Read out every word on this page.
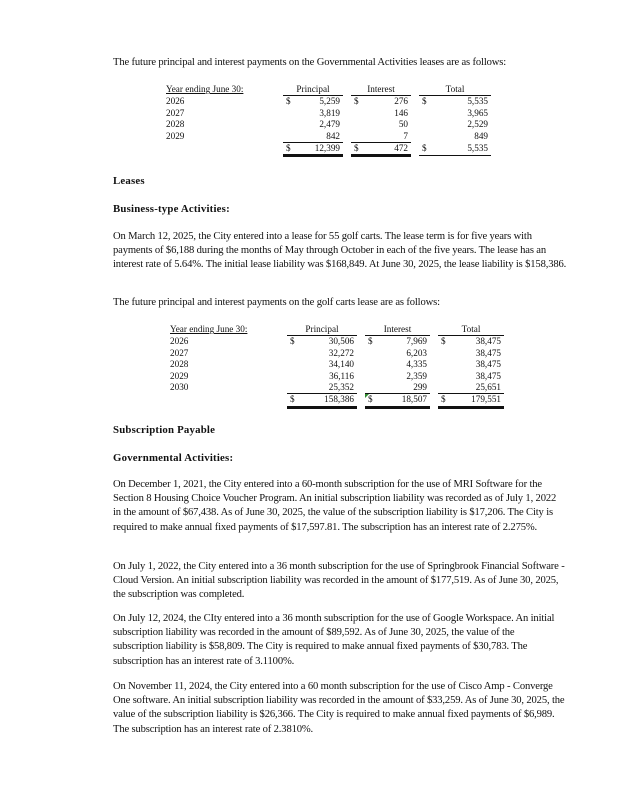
The future principal and interest payments on the Governmental Activities leases are as follows:
Year ending June 30:	Principal		Interest		Total
2026	$ 5,259		$ 276		$ 5,535

2027	3,819		146		3,965
2028	2,479		50		2,529
2029	842		7		849

	$ 12,399		$ 472		$ 5,535
Leases
Business-type Activities:
On March 12, 2025, the City entered into a lease for 55 golf carts. The lease term is for five years with payments of $6,188 during the months of May through October in each of the five years. The lease has an interest rate of 5.64%. The initial lease liability was $168,849. At June 30, 2025, the lease liability is $158,386.
The future principal and interest payments on the golf carts lease are as follows:
Year ending June 30:	Principal		Interest		Total
2026	$ 30,506		$ 7,969		$ 38,475

2027	32,272		6,203		38,475
2028	34,140		4,335		38,475
2029	36,116		2,359		38,475
2030	25,352		299		25,651

	$ 158,386		$ 18,507		$ 179,551
Subscription Payable
Governmental Activities:
On December 1, 2021, the City entered into a 60-month subscription for the use of MRI Software for the Section 8 Housing Choice Voucher Program. An initial subscription liability was recorded as of July 1, 2022 in the amount of $67,438. As of June 30, 2025, the value of the subscription liability is $17,206. The City is required to make annual fixed payments of $17,597.81. The subscription has an interest rate of 2.275%.
On July 1, 2022, the City entered into a 36 month subscription for the use of Springbrook Financial Software - Cloud Version. An initial subscription liability was recorded in the amount of $177,519. As of June 30, 2025, the subscription was completed.
On July 12, 2024, the CIty entered into a 36 month subscription for the use of Google Workspace. An initial subscription liability was recorded in the amount of $89,592. As of June 30, 2025, the value of the subscription liability is $58,809. The City is required to make annual fixed payments of $30,783. The subscription has an interest rate of 3.1100%.
On November 11, 2024, the City entered into a 60 month subscription for the use of Cisco Amp - Converge One software. An initial subscription liability was recorded in the amount of $33,259. As of June 30, 2025, the value of the subscription liability is $26,366. The City is required to make annual fixed payments of $6,989. The subscription has an interest rate of 2.3810%.
